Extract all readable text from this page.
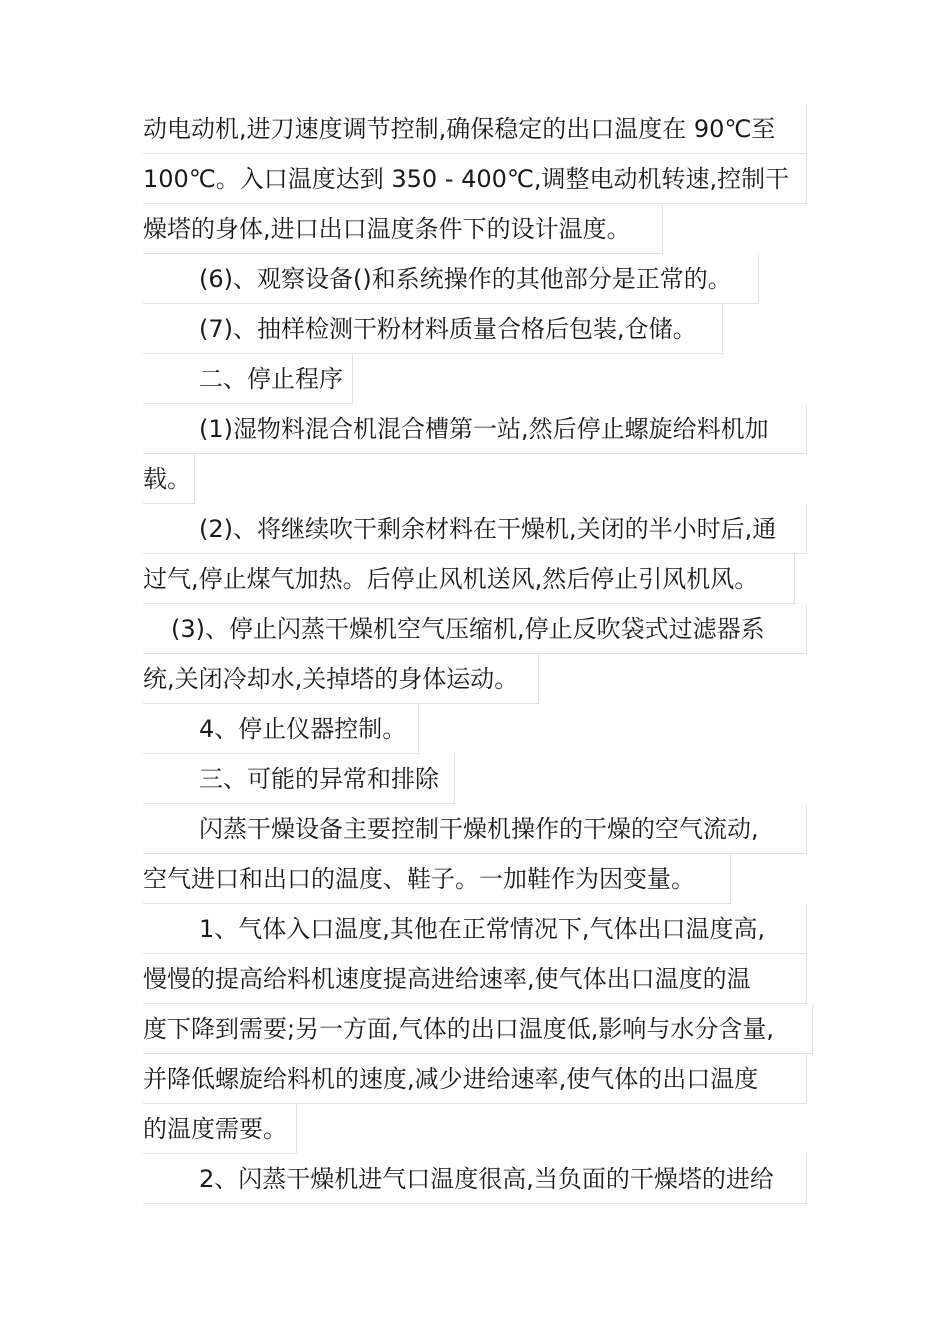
动电动机,进刀速度调节控制,确保稳定的出口温度在 90℃至
100℃。入口温度达到 350 - 400℃,调整电动机转速,控制干
燥塔的身体,进口出口温度条件下的设计温度。
(6)、观察设备()和系统操作的其他部分是正常的。
(7)、抽样检测干粉材料质量合格后包装,仓储。
二、停止程序
(1)湿物料混合机混合槽第一站,然后停止螺旋给料机加
载。
(2)、将继续吹干剩余材料在干燥机,关闭的半小时后,通
过气,停止煤气加热。后停止风机送风,然后停止引风机风。
(3)、停止闪蒸干燥机空气压缩机,停止反吹袋式过滤器系
统,关闭冷却水,关掉塔的身体运动。
4、停止仪器控制。
三、可能的异常和排除
闪蒸干燥设备主要控制干燥机操作的干燥的空气流动,
空气进口和出口的温度、鞋子。一加鞋作为因变量。
1、气体入口温度,其他在正常情况下,气体出口温度高,
慢慢的提高给料机速度提高进给速率,使气体出口温度的温
度下降到需要;另一方面,气体的出口温度低,影响与水分含量,
并降低螺旋给料机的速度,减少进给速率,使气体的出口温度
的温度需要。
2、闪蒸干燥机进气口温度很高,当负面的干燥塔的进给
